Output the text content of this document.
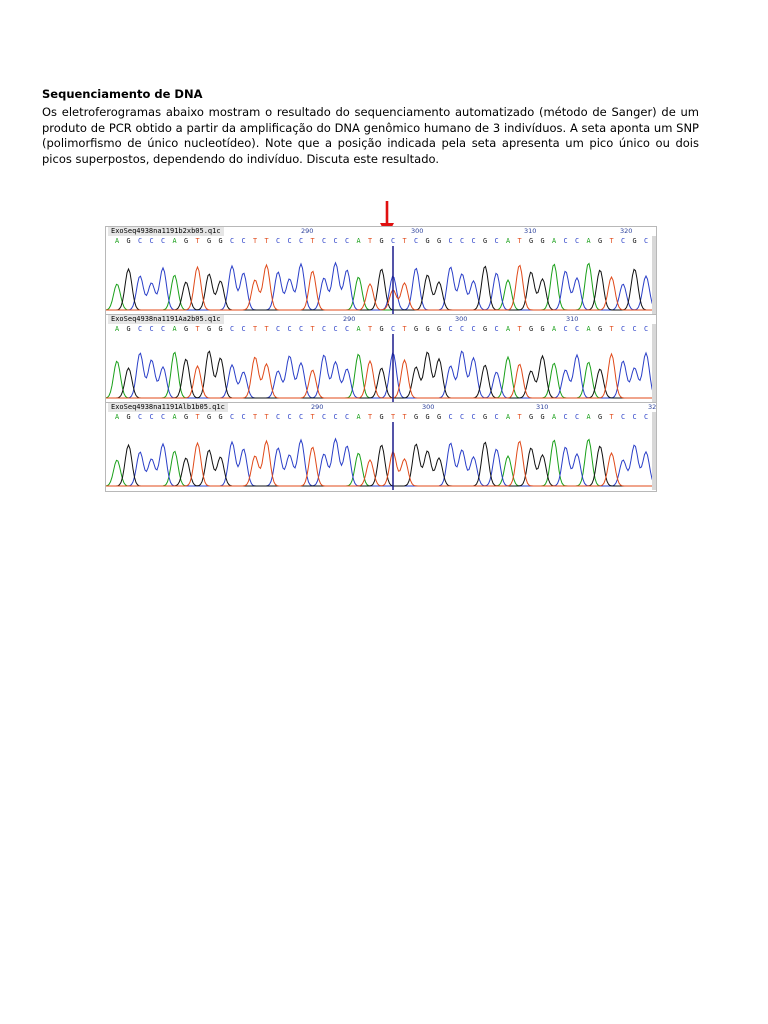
Sequenciamento de DNA

Os eletroferogramas abaixo mostram o resultado do sequenciamento automatizado (método de Sanger) de um produto de PCR obtido a partir da amplificação do DNA genômico humano de 3 indivíduos. A seta aponta um SNP (polimorfismo de único nucleotídeo). Note que a posição indicada pela seta apresenta um pico único ou dois picos superpostos, dependendo do indivíduo. Discuta este resultado.

ExoSeq4938na1191b2xb05.q1c	290	300	310	320
A	G	C	C	C	A	G	T	G	G	C	C	T	T	C	C	C	T	C	C	C	A	T	G	C	T	C	G	G	C	C	C	G	C	A	T	G	G	A	C	C	A	G	T	C	G	C
ExoSeq4938na1191Aa2b05.q1c	290	300	310
A	G	C	C	C	A	G	T	G	G	C	C	T	T	C	C	C	T	C	C	C	A	T	G	C	T	G	G	G	C	C	C	G	C	A	T	G	G	A	C	C	A	G	T	C	C	C
ExoSeq4938na1191Alb1b05.q1c	290	300	310	32
A	G	C	C	C	A	G	T	G	G	C	C	T	T	C	C	C	T	C	C	C	A	T	G	T	T	G	G	G	C	C	C	G	C	A	T	G	G	A	C	C	A	G	T	C	C	C
